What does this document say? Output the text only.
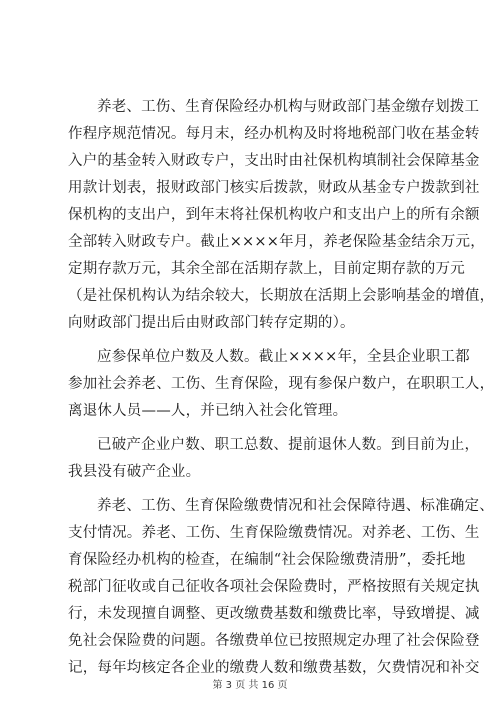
养老、工伤、生育保险经办机构与财政部门基金缴存划拨工
作程序规范情况。每月末，经办机构及时将地税部门收在基金转
入户的基金转入财政专户，支出时由社保机构填制社会保障基金
用款计划表，报财政部门核实后拨款，财政从基金专户拨款到社
保机构的支出户，到年末将社保机构收户和支出户上的所有余额
全部转入财政专户。截止××××年月，养老保险基金结余万元，
定期存款万元，其余全部在活期存款上，目前定期存款的万元
（是社保机构认为结余较大，长期放在活期上会影响基金的增值，
向财政部门提出后由财政部门转存定期的）。
应参保单位户数及人数。截止××××年，全县企业职工都
参加社会养老、工伤、生育保险，现有参保户数户，在职职工人，
离退休人员——人，并已纳入社会化管理。
已破产企业户数、职工总数、提前退休人数。到目前为止，
我县没有破产企业。
养老、工伤、生育保险缴费情况和社会保障待遇、标准确定、
支付情况。养老、工伤、生育保险缴费情况。对养老、工伤、生
育保险经办机构的检查，在编制“社会保险缴费清册”，委托地
税部门征收或自己征收各项社会保险费时，严格按照有关规定执
行，未发现擅自调整、更改缴费基数和缴费比率，导致增提、减
免社会保险费的问题。各缴费单位已按照规定办理了社会保险登
记，每年均核定各企业的缴费人数和缴费基数，欠费情况和补交
第 3 页 共 16 页
